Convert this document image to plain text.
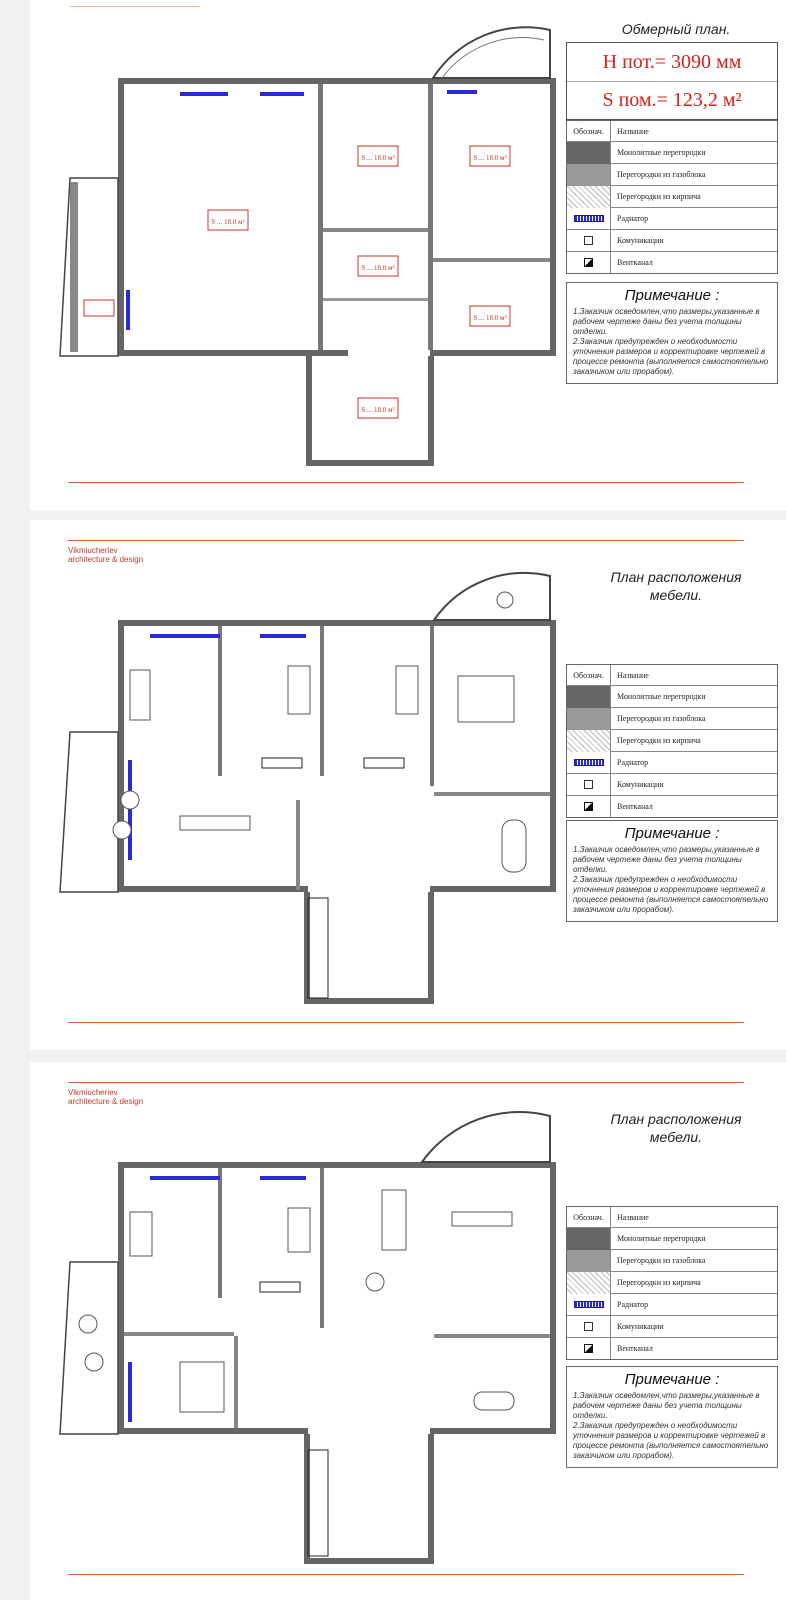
S ... 18.0 м²
S ... 18.0 м²	S ... 18.0 м²
S ... 18.0 м²
S ... 18.0 м²
S ... 18.0 м²
Обмерный план.
H пот.= 3090 мм
S пом.= 123,2 м²
Обознач.	Название
Монолитные перегородки
Перегородки из газоблока
Перегородки из кирпича
Радиатор
Комуникации
Вентканал
Примечание :
1.Заказчик осведомлен,что размеры,указанные в рабочем чертеже даны без учета толщины отделки.
2.Заказчик предупрежден о необходимости уточнения размеров и корректировке чертежей в процессе ремонта (выполняется самостоятельно заказчиком или прорабом).
Vikmiucheriev
architecture & design
План расположения
мебели.
Обознач.	Название
Монолитные перегородки
Перегородки из газоблока
Перегородки из кирпича
Радиатор
Комуникации
Вентканал
Примечание :
1.Заказчик осведомлен,что размеры,указанные в рабочем чертеже даны без учета толщины отделки.
2.Заказчик предупрежден о необходимости уточнения размеров и корректировке чертежей в процессе ремонта (выполняется самостоятельно заказчиком или прорабом).
Vikmiucheriev
architecture & design
План расположения
мебели.
Обознач.	Название
Монолитные перегородки
Перегородки из газоблока
Перегородки из кирпича
Радиатор
Комуникации
Вентканал
Примечание :
1.Заказчик осведомлен,что размеры,указанные в рабочем чертеже даны без учета толщины отделки.
2.Заказчик предупрежден о необходимости уточнения размеров и корректировке чертежей в процессе ремонта (выполняется самостоятельно заказчиком или прорабом).
